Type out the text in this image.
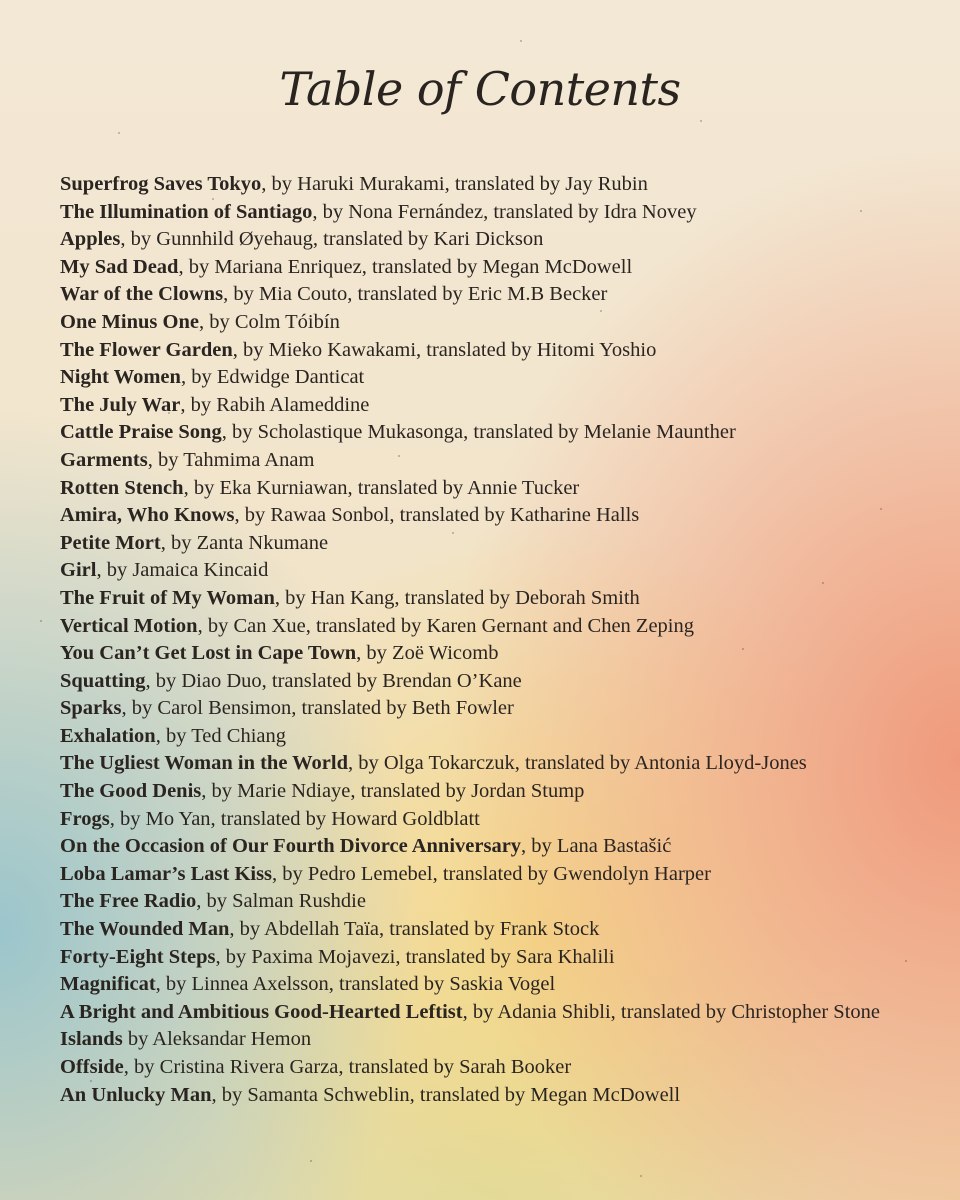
Table of Contents
Superfrog Saves Tokyo, by Haruki Murakami, translated by Jay Rubin
The Illumination of Santiago, by Nona Fernández, translated by Idra Novey
Apples, by Gunnhild Øyehaug, translated by Kari Dickson
My Sad Dead, by Mariana Enriquez, translated by Megan McDowell
War of the Clowns, by Mia Couto, translated by Eric M.B Becker
One Minus One, by Colm Tóibín
The Flower Garden, by Mieko Kawakami, translated by Hitomi Yoshio
Night Women, by Edwidge Danticat
The July War, by Rabih Alameddine
Cattle Praise Song, by Scholastique Mukasonga, translated by Melanie Maunther
Garments, by Tahmima Anam
Rotten Stench, by Eka Kurniawan, translated by Annie Tucker
Amira, Who Knows, by Rawaa Sonbol, translated by Katharine Halls
Petite Mort, by Zanta Nkumane
Girl, by Jamaica Kincaid
The Fruit of My Woman, by Han Kang, translated by Deborah Smith
Vertical Motion, by Can Xue, translated by Karen Gernant and Chen Zeping
You Can’t Get Lost in Cape Town, by Zoë Wicomb
Squatting, by Diao Duo, translated by Brendan O’Kane
Sparks, by Carol Bensimon, translated by Beth Fowler
Exhalation, by Ted Chiang
The Ugliest Woman in the World, by Olga Tokarczuk, translated by Antonia Lloyd-Jones
The Good Denis, by Marie Ndiaye, translated by Jordan Stump
Frogs, by Mo Yan, translated by Howard Goldblatt
On the Occasion of Our Fourth Divorce Anniversary, by Lana Bastašić
Loba Lamar’s Last Kiss, by Pedro Lemebel, translated by Gwendolyn Harper
The Free Radio, by Salman Rushdie
The Wounded Man, by Abdellah Taïa, translated by Frank Stock
Forty-Eight Steps, by Paxima Mojavezi, translated by Sara Khalili
Magnificat, by Linnea Axelsson, translated by Saskia Vogel
A Bright and Ambitious Good-Hearted Leftist, by Adania Shibli, translated by Christopher Stone
Islands by Aleksandar Hemon
Offside, by Cristina Rivera Garza, translated by Sarah Booker
An Unlucky Man, by Samanta Schweblin, translated by Megan McDowell
